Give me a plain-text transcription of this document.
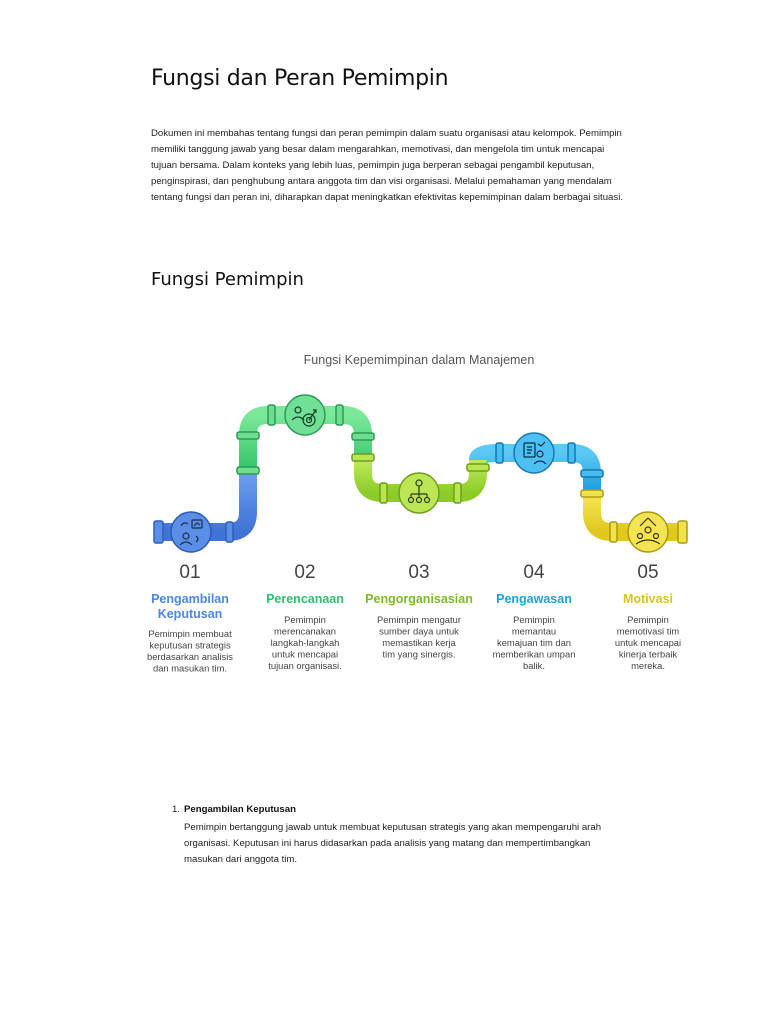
Fungsi dan Peran Pemimpin

Dokumen ini membahas tentang fungsi dan peran pemimpin dalam suatu organisasi atau kelompok. Pemimpin memiliki tanggung jawab yang besar dalam mengarahkan, memotivasi, dan mengelola tim untuk mencapai tujuan bersama. Dalam konteks yang lebih luas, pemimpin juga berperan sebagai pengambil keputusan, penginspirasi, dan penghubung antara anggota tim dan visi organisasi. Melalui pemahaman yang mendalam tentang fungsi dan peran ini, diharapkan dapat meningkatkan efektivitas kepemimpinan dalam berbagai situasi.

Fungsi Pemimpin
Fungsi Kepemimpinan dalam Manajemen
01
Pengambilan
Keputusan
Pemimpin membuat
keputusan strategis
berdasarkan analisis
dan masukan tim.
02
Perencanaan
Pemimpin
merencanakan
langkah-langkah
untuk mencapai
tujuan organisasi.
03
Pengorganisasian
Pemimpin mengatur
sumber daya untuk
memastikan kerja
tim yang sinergis.
04
Pengawasan
Pemimpin
memantau
kemajuan tim dan
memberikan umpan
balik.
05
Motivasi
Pemimpin
memotivasi tim
untuk mencapai
kinerja terbaik
mereka.
1. Pengambilan Keputusan
Pemimpin bertanggung jawab untuk membuat keputusan strategis yang akan mempengaruhi arah organisasi. Keputusan ini harus didasarkan pada analisis yang matang dan mempertimbangkan masukan dari anggota tim.
